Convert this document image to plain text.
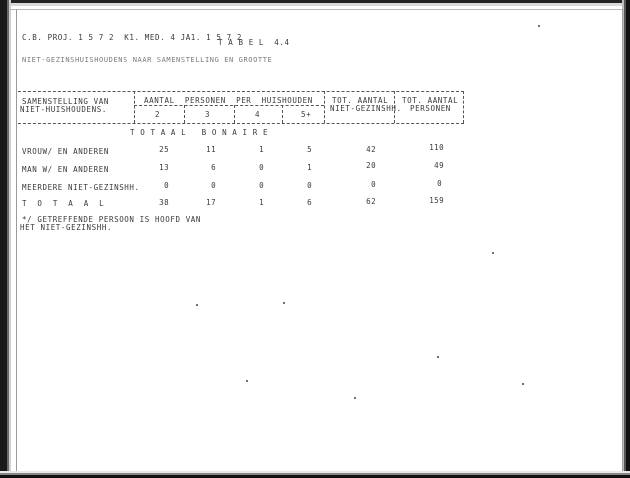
C.B. PROJ. 1 5 7 2  K1. MED. 4 JA1. 1 5 7 2
T A B E L  4.4
NIET-GEZINSHUISHOUDENS NAAR SAMENSTELLING EN GROOTTE
SAMENSTELLING VAN
NIET-HUISHOUDENS.
AANTAL  PERSONEN  PER  HUISHOUDEN
2	3	4	5+
TOT. AANTAL
NIET-GEZINSHH.
TOT. AANTAL
PERSONEN
T O T A A L   B O N A I R E
VROUW/ EN ANDEREN	25	11	1	5	42	110
MAN W/ EN ANDEREN	13	6	0	1	20	49
MEERDERE NIET-GEZINSHH.	0	0	0	0	0	0
T O T A A L	38	17	1	6	62	159
*/ GETREFFENDE PERSOON IS HOOFD VAN
HET NIET-GEZINSHH.
